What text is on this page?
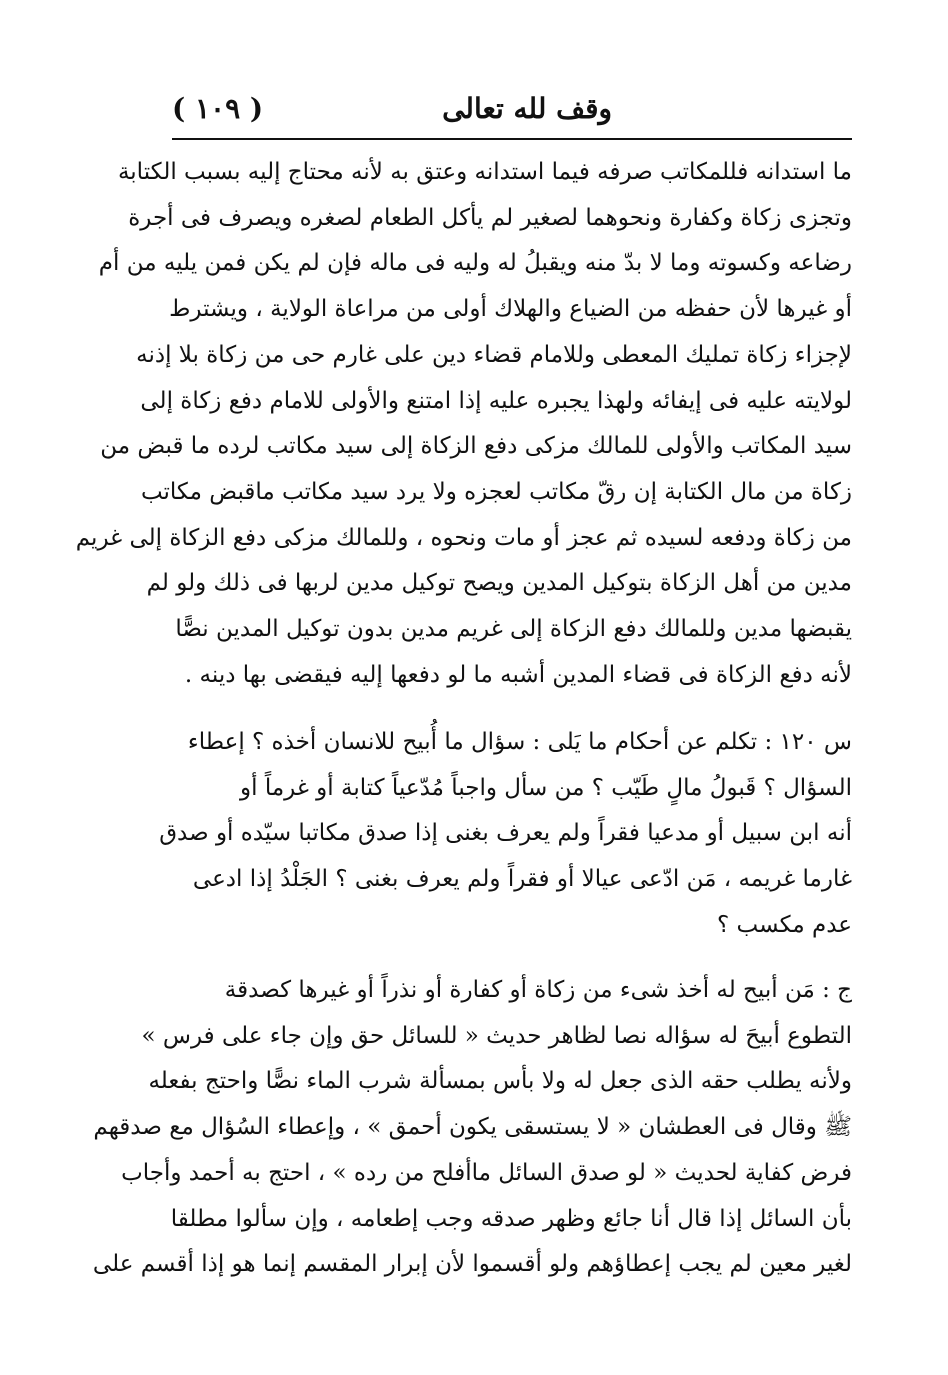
وقف لله تعالى
( ١٠٩ )
ما استدانه فللمكاتب صرفه فيما استدانه وعتق به لأنه محتاج إليه بسبب الكتابة
وتجزى زكاة وكفارة ونحوهما لصغير لم يأكل الطعام لصغره ويصرف فى أجرة
رضاعه وكسوته وما لا بدّ منه ويقبلُ له وليه فى ماله فإن لم يكن فمن يليه من أم
أو غيرها لأن حفظه من الضياع والهلاك أولى من مراعاة الولاية ، ويشترط
لإجزاء زكاة تمليك المعطى وللامام قضاء دين على غارم حى من زكاة بلا إذنه
لولايته عليه فى إيفائه ولهذا يجبره عليه إذا امتنع والأولى للامام دفع زكاة إلى
سيد المكاتب والأولى للمالك مزكى دفع الزكاة إلى سيد مكاتب لرده ما قبض من
زكاة من مال الكتابة إن رقّ مكاتب لعجزه ولا يرد سيد مكاتب ماقبض مكاتب
من زكاة ودفعه لسيده ثم عجز أو مات ونحوه ، وللمالك مزكى دفع الزكاة إلى غريم
مدين من أهل الزكاة بتوكيل المدين ويصح توكيل مدين لربها فى ذلك ولو لم
يقبضها مدين وللمالك دفع الزكاة إلى غريم مدين بدون توكيل المدين نصًّا
لأنه دفع الزكاة فى قضاء المدين أشبه ما لو دفعها إليه فيقضى بها دينه .
س ١٢٠ : تكلم عن أحكام ما يَلى : سؤال ما أُبيح للانسان أخذه ؟ إعطاء
السؤال ؟ قَبولُ مالٍ طَيّب ؟ من سأل واجباً مُدّعياً كتابة أو غرماً أو
أنه ابن سبيل أو مدعيا فقراً ولم يعرف بغنى إذا صدق مكاتبا سيّده أو صدق
غارما غريمه ، مَن ادّعى عيالا أو فقراً ولم يعرف بغنى ؟ الجَلْدُ إذا ادعى
عدم مكسب ؟
ج : مَن أبيح له أخذ شىء من زكاة أو كفارة أو نذراً أو غيرها كصدقة
التطوع أبيحَ له سؤاله نصا لظاهر حديث « للسائل حق وإن جاء على فرس »
ولأنه يطلب حقه الذى جعل له ولا بأس بمسألة شرب الماء نصًّا واحتج بفعله
ﷺ وقال فى العطشان « لا يستسقى يكون أحمق » ، وإعطاء السُؤال مع صدقهم
فرض كفاية لحديث « لو صدق السائل ماأفلح من رده » ، احتج به أحمد وأجاب
بأن السائل إذا قال أنا جائع وظهر صدقه وجب إطعامه ، وإن سألوا مطلقا
لغير معين لم يجب إعطاؤهم ولو أقسموا لأن إبرار المقسم إنما هو إذا أقسم على
